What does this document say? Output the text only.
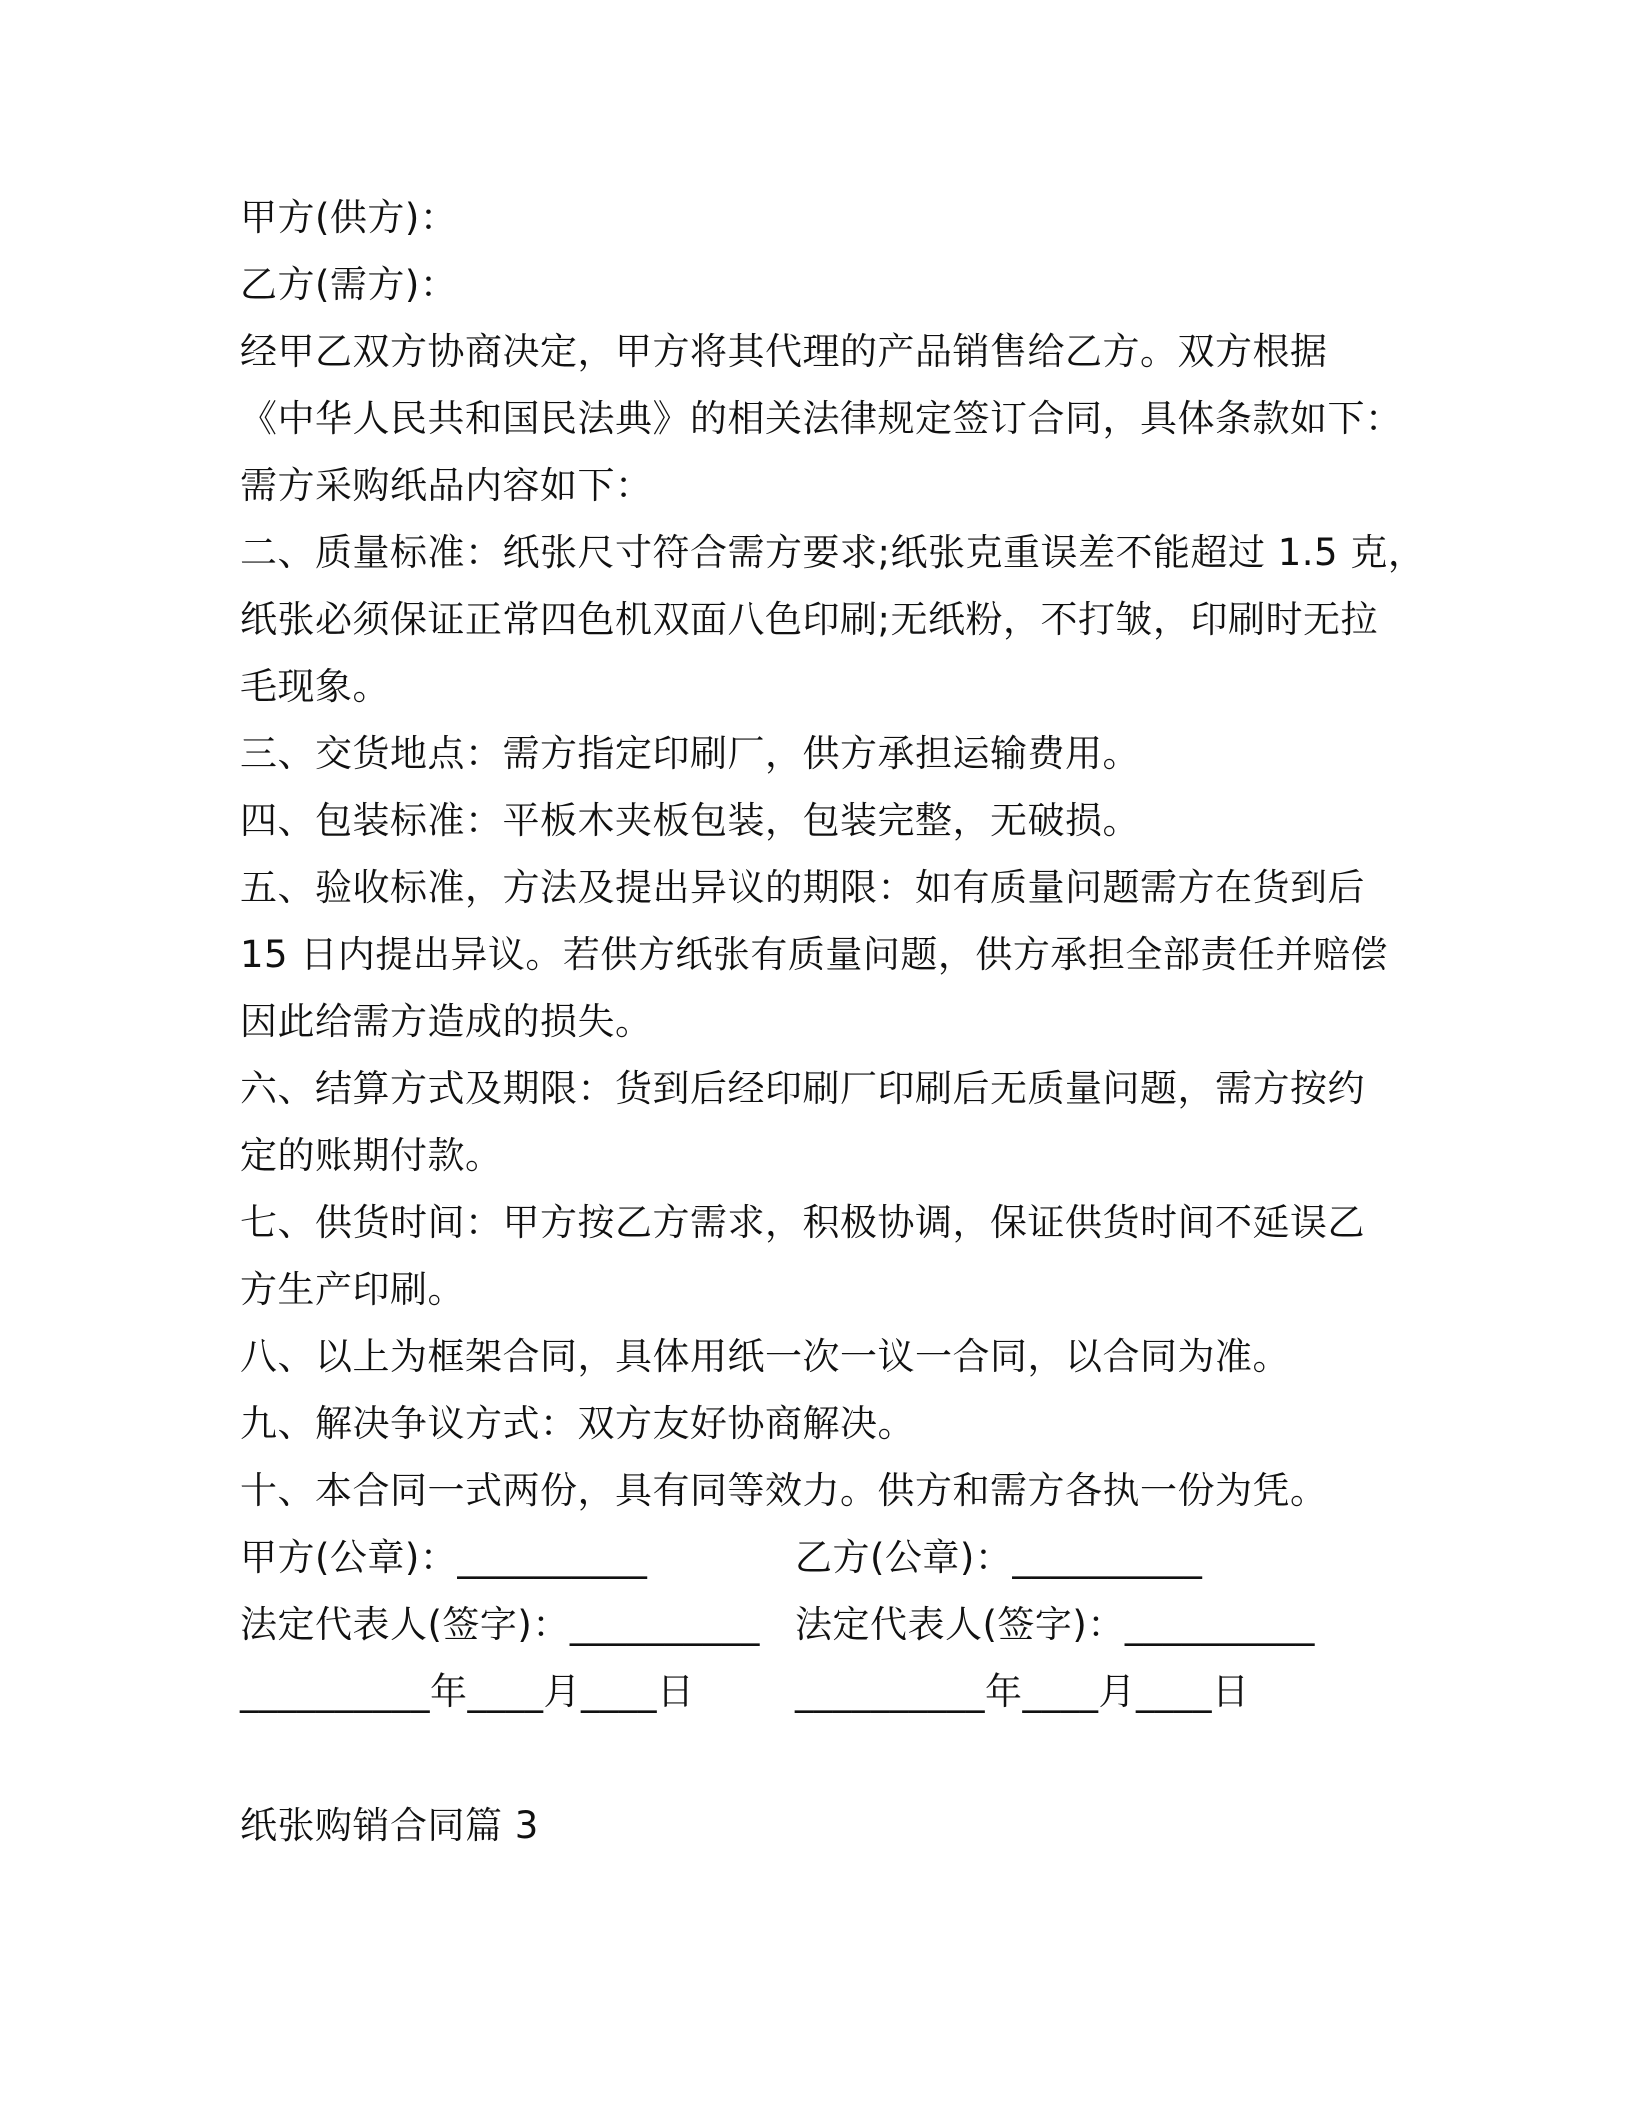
甲方(供方)：
乙方(需方)：
经甲乙双方协商决定，甲方将其代理的产品销售给乙方。双方根据
《中华人民共和国民法典》的相关法律规定签订合同，具体条款如下：
需方采购纸品内容如下：
二、质量标准：纸张尺寸符合需方要求;纸张克重误差不能超过 1.5 克，
纸张必须保证正常四色机双面八色印刷;无纸粉，不打皱，印刷时无拉
毛现象。
三、交货地点：需方指定印刷厂，供方承担运输费用。
四、包装标准：平板木夹板包装，包装完整，无破损。
五、验收标准，方法及提出异议的期限：如有质量问题需方在货到后
15 日内提出异议。若供方纸张有质量问题，供方承担全部责任并赔偿
因此给需方造成的损失。
六、结算方式及期限：货到后经印刷厂印刷后无质量问题，需方按约
定的账期付款。
七、供货时间：甲方按乙方需求，积极协调，保证供货时间不延误乙
方生产印刷。
八、以上为框架合同，具体用纸一次一议一合同，以合同为准。
九、解决争议方式：双方友好协商解决。
十、本合同一式两份，具有同等效力。供方和需方各执一份为凭。
甲方(公章)：__________	乙方(公章)：__________
法定代表人(签字)：__________ 法定代表人(签字)：__________
__________年____月____日	__________年____月____日
纸张购销合同篇 3
